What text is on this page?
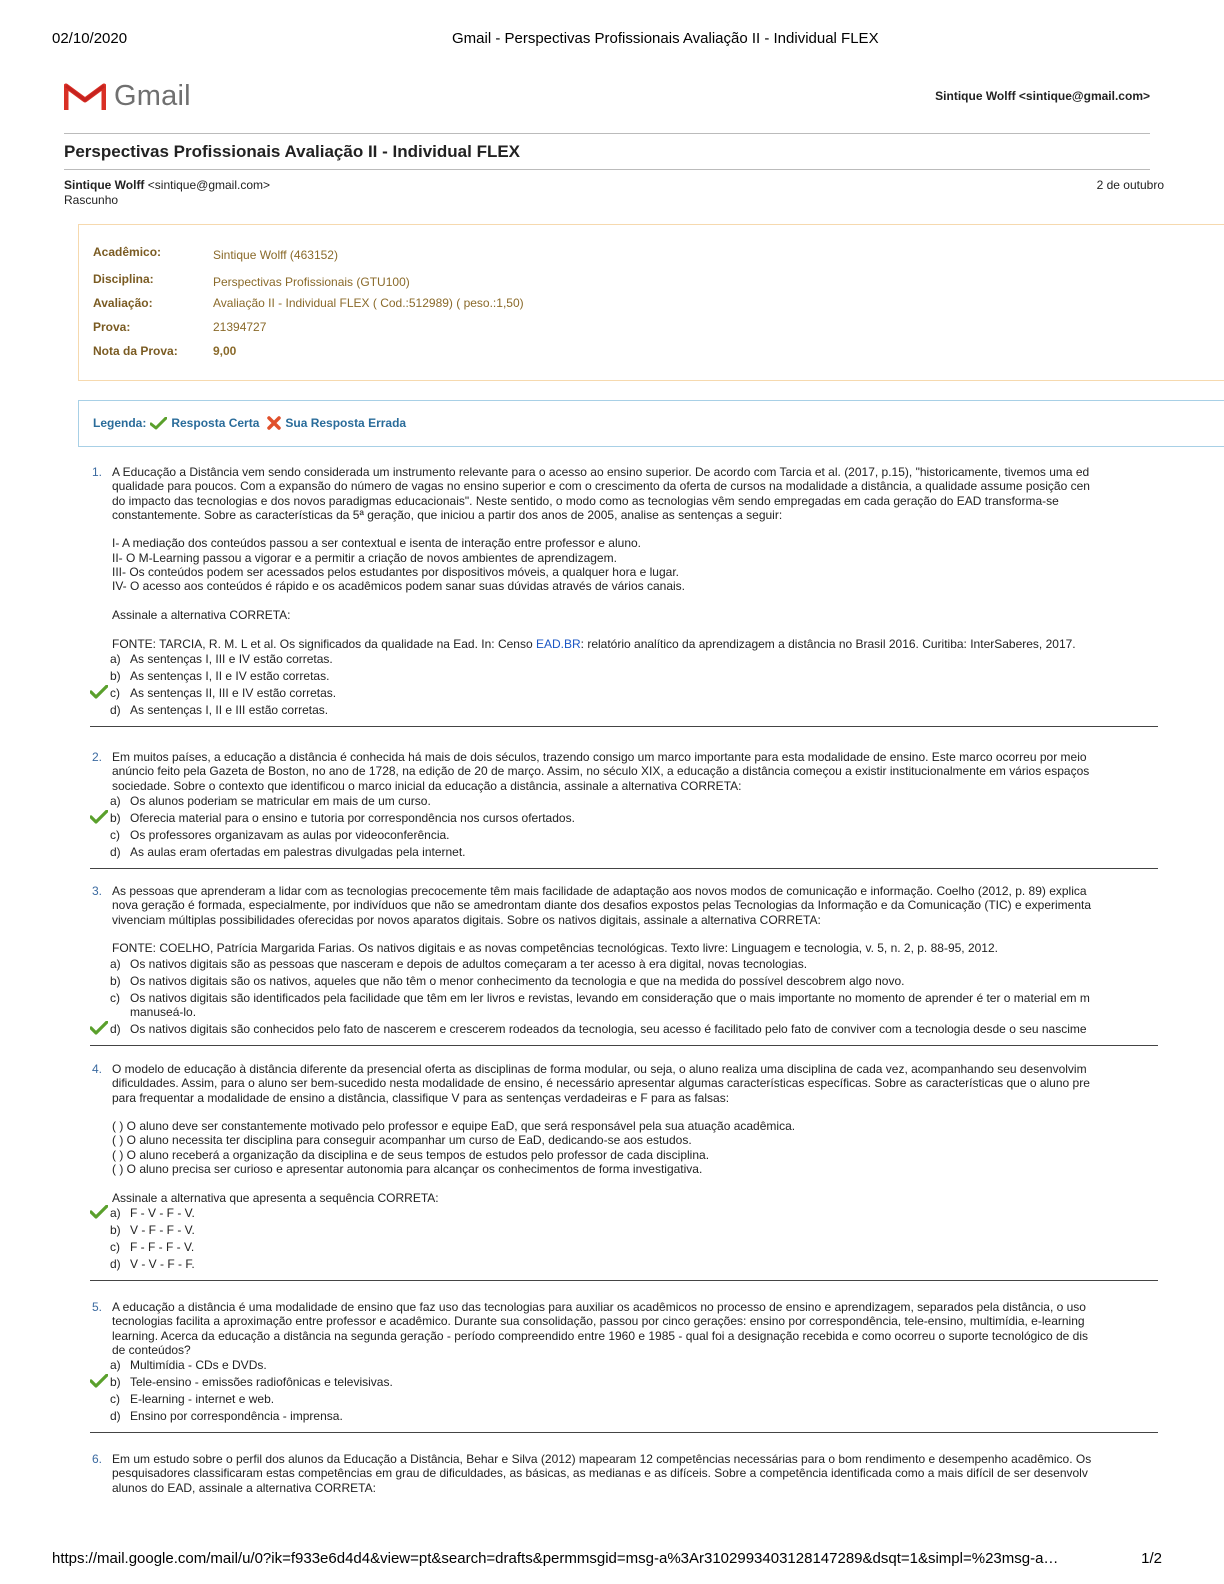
02/10/2020	Gmail - Perspectivas Profissionais Avaliação II - Individual FLEX
Gmail	Sintique Wolff <sintique@gmail.com>
Perspectivas Profissionais Avaliação II - Individual FLEX
Sintique Wolff <sintique@gmail.com>
Rascunho
2 de outubro
Acadêmico:	Sintique Wolff (463152)
Disciplina:	Perspectivas Profissionais (GTU100)
Avaliação:	Avaliação II - Individual FLEX ( Cod.:512989) ( peso.:1,50)
Prova:	21394727
Nota da Prova:	9,00
Legenda: Resposta Certa Sua Resposta Errada
1. A Educação a Distância vem sendo considerada um instrumento relevante para o acesso ao ensino superior. De acordo com Tarcia et al. (2017, p.15), "historicamente, tivemos uma ed
qualidade para poucos. Com a expansão do número de vagas no ensino superior e com o crescimento da oferta de cursos na modalidade a distância, a qualidade assume posição cen
do impacto das tecnologias e dos novos paradigmas educacionais". Neste sentido, o modo como as tecnologias vêm sendo empregadas em cada geração do EAD transforma-se
constantemente. Sobre as características da 5ª geração, que iniciou a partir dos anos de 2005, analise as sentenças a seguir:
I- A mediação dos conteúdos passou a ser contextual e isenta de interação entre professor e aluno.
II- O M-Learning passou a vigorar e a permitir a criação de novos ambientes de aprendizagem.
III- Os conteúdos podem ser acessados pelos estudantes por dispositivos móveis, a qualquer hora e lugar.
IV- O acesso aos conteúdos é rápido e os acadêmicos podem sanar suas dúvidas através de vários canais.
Assinale a alternativa CORRETA:
FONTE: TARCIA, R. M. L et al. Os significados da qualidade na Ead. In: Censo EAD.BR: relatório analítico da aprendizagem a distância no Brasil 2016. Curitiba: InterSaberes, 2017.
a) As sentenças I, III e IV estão corretas.
b) As sentenças I, II e IV estão corretas.
c) As sentenças II, III e IV estão corretas.
d) As sentenças I, II e III estão corretas.
2. Em muitos países, a educação a distância é conhecida há mais de dois séculos, trazendo consigo um marco importante para esta modalidade de ensino. Este marco ocorreu por meio
anúncio feito pela Gazeta de Boston, no ano de 1728, na edição de 20 de março. Assim, no século XIX, a educação a distância começou a existir institucionalmente em vários espaços
sociedade. Sobre o contexto que identificou o marco inicial da educação a distância, assinale a alternativa CORRETA:
a) Os alunos poderiam se matricular em mais de um curso.
b) Oferecia material para o ensino e tutoria por correspondência nos cursos ofertados.
c) Os professores organizavam as aulas por videoconferência.
d) As aulas eram ofertadas em palestras divulgadas pela internet.
3. As pessoas que aprenderam a lidar com as tecnologias precocemente têm mais facilidade de adaptação aos novos modos de comunicação e informação. Coelho (2012, p. 89) explica
nova geração é formada, especialmente, por indivíduos que não se amedrontam diante dos desafios expostos pelas Tecnologias da Informação e da Comunicação (TIC) e experimenta
vivenciam múltiplas possibilidades oferecidas por novos aparatos digitais. Sobre os nativos digitais, assinale a alternativa CORRETA:
FONTE: COELHO, Patrícia Margarida Farias. Os nativos digitais e as novas competências tecnológicas. Texto livre: Linguagem e tecnologia, v. 5, n. 2, p. 88-95, 2012.
a) Os nativos digitais são as pessoas que nasceram e depois de adultos começaram a ter acesso à era digital, novas tecnologias.
b) Os nativos digitais são os nativos, aqueles que não têm o menor conhecimento da tecnologia e que na medida do possível descobrem algo novo.
c) Os nativos digitais são identificados pela facilidade que têm em ler livros e revistas, levando em consideração que o mais importante no momento de aprender é ter o material em m
manuseá-lo.
d) Os nativos digitais são conhecidos pelo fato de nascerem e crescerem rodeados da tecnologia, seu acesso é facilitado pelo fato de conviver com a tecnologia desde o seu nascime
4. O modelo de educação à distância diferente da presencial oferta as disciplinas de forma modular, ou seja, o aluno realiza uma disciplina de cada vez, acompanhando seu desenvolvim
dificuldades. Assim, para o aluno ser bem-sucedido nesta modalidade de ensino, é necessário apresentar algumas características específicas. Sobre as características que o aluno pre
para frequentar a modalidade de ensino a distância, classifique V para as sentenças verdadeiras e F para as falsas:
( ) O aluno deve ser constantemente motivado pelo professor e equipe EaD, que será responsável pela sua atuação acadêmica.
( ) O aluno necessita ter disciplina para conseguir acompanhar um curso de EaD, dedicando-se aos estudos.
( ) O aluno receberá a organização da disciplina e de seus tempos de estudos pelo professor de cada disciplina.
( ) O aluno precisa ser curioso e apresentar autonomia para alcançar os conhecimentos de forma investigativa.
Assinale a alternativa que apresenta a sequência CORRETA:
a) F - V - F - V.
b) V - F - F - V.
c) F - F - F - V.
d) V - V - F - F.
5. A educação a distância é uma modalidade de ensino que faz uso das tecnologias para auxiliar os acadêmicos no processo de ensino e aprendizagem, separados pela distância, o uso
tecnologias facilita a aproximação entre professor e acadêmico. Durante sua consolidação, passou por cinco gerações: ensino por correspondência, tele-ensino, multimídia, e-learning
learning. Acerca da educação a distância na segunda geração - período compreendido entre 1960 e 1985 - qual foi a designação recebida e como ocorreu o suporte tecnológico de dis
de conteúdos?
a) Multimídia - CDs e DVDs.
b) Tele-ensino - emissões radiofônicas e televisivas.
c) E-learning - internet e web.
d) Ensino por correspondência - imprensa.
6. Em um estudo sobre o perfil dos alunos da Educação a Distância, Behar e Silva (2012) mapearam 12 competências necessárias para o bom rendimento e desempenho acadêmico. Os
pesquisadores classificaram estas competências em grau de dificuldades, as básicas, as medianas e as difíceis. Sobre a competência identificada como a mais difícil de ser desenvolv
alunos do EAD, assinale a alternativa CORRETA:
https://mail.google.com/mail/u/0?ik=f933e6d4d4&view=pt&search=drafts&permmsgid=msg-a%3Ar3102993403128147289&dsqt=1&simpl=%23msg-a…	1/2
